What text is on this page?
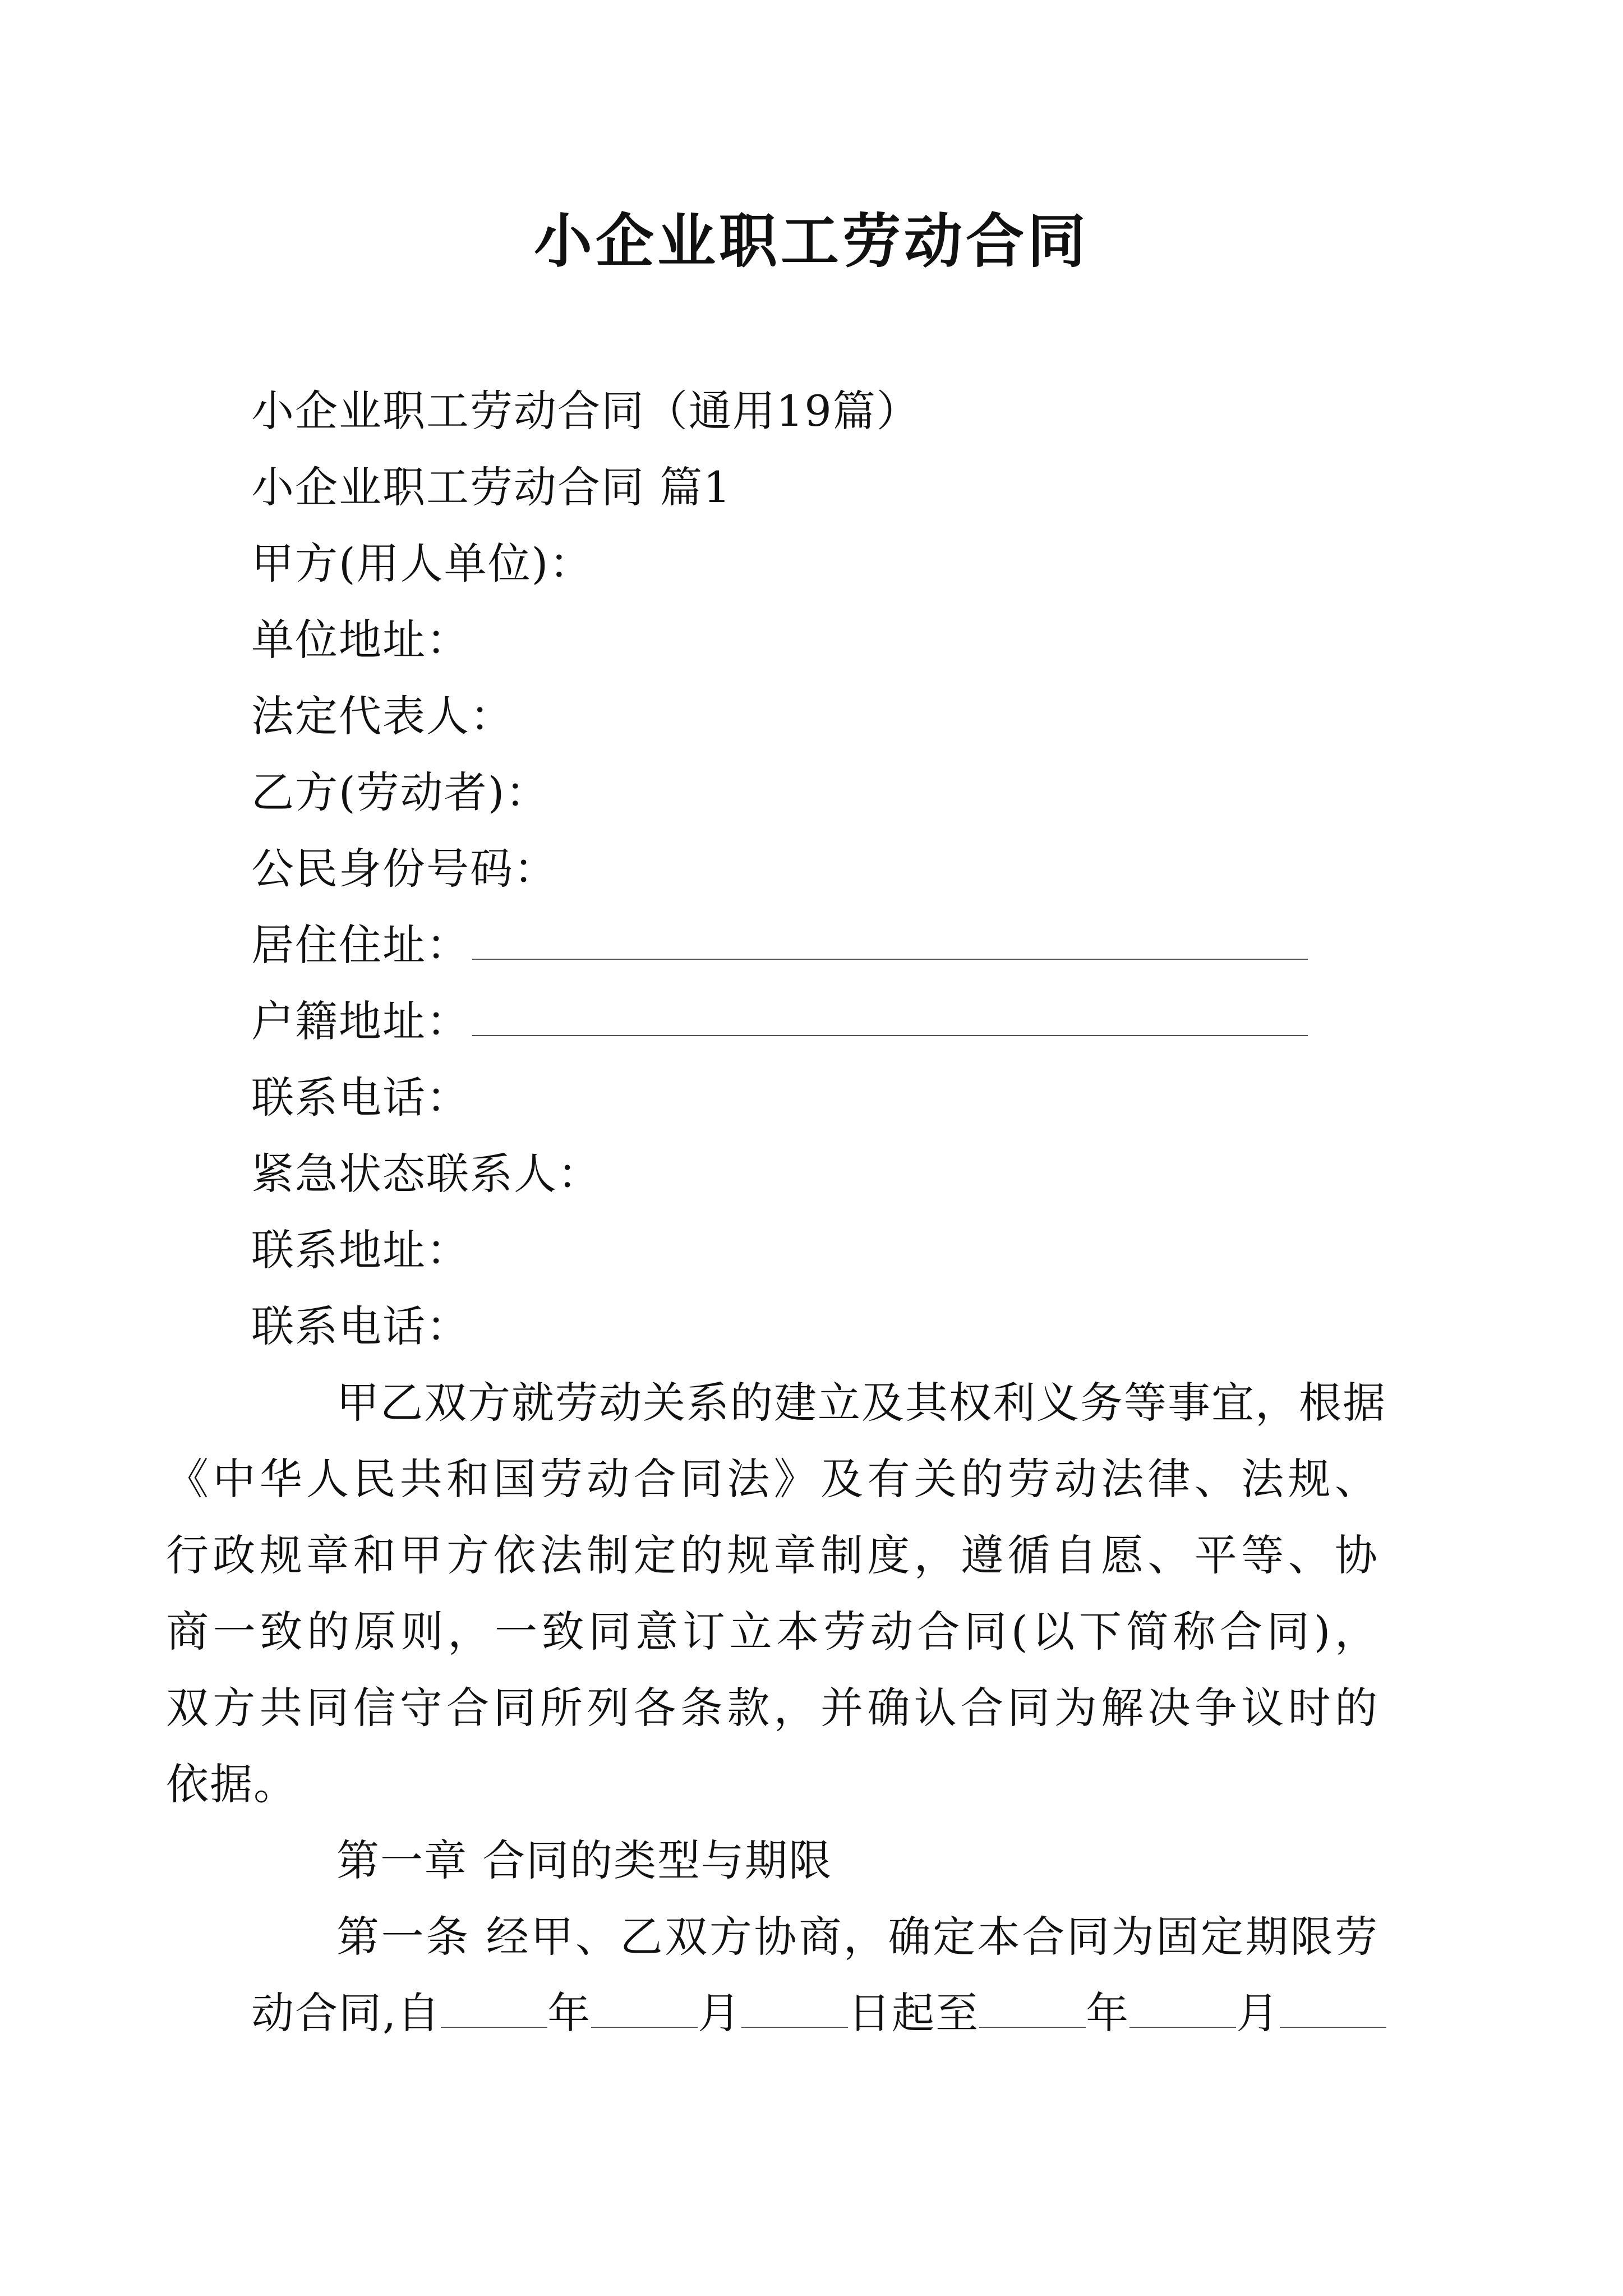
小企业职工劳动合同
小企业职工劳动合同（通用19篇）
小企业职工劳动合同 篇1
甲方(用人单位)：
单位地址：
法定代表人：
乙方(劳动者)：
公民身份号码：
居住住址：
户籍地址：
联系电话：
紧急状态联系人：
联系地址：
联系电话：
甲乙双方就劳动关系的建立及其权利义务等事宜，根据
《中华人民共和国劳动合同法》及有关的劳动法律、法规、
行政规章和甲方依法制定的规章制度，遵循自愿、平等、协
商一致的原则，一致同意订立本劳动合同(以下简称合同)，
双方共同信守合同所列各条款，并确认合同为解决争议时的
依据。
第一章 合同的类型与期限
第一条 经甲、乙双方协商，确定本合同为固定期限劳
动合同,自	年	月	日起至	年	月
